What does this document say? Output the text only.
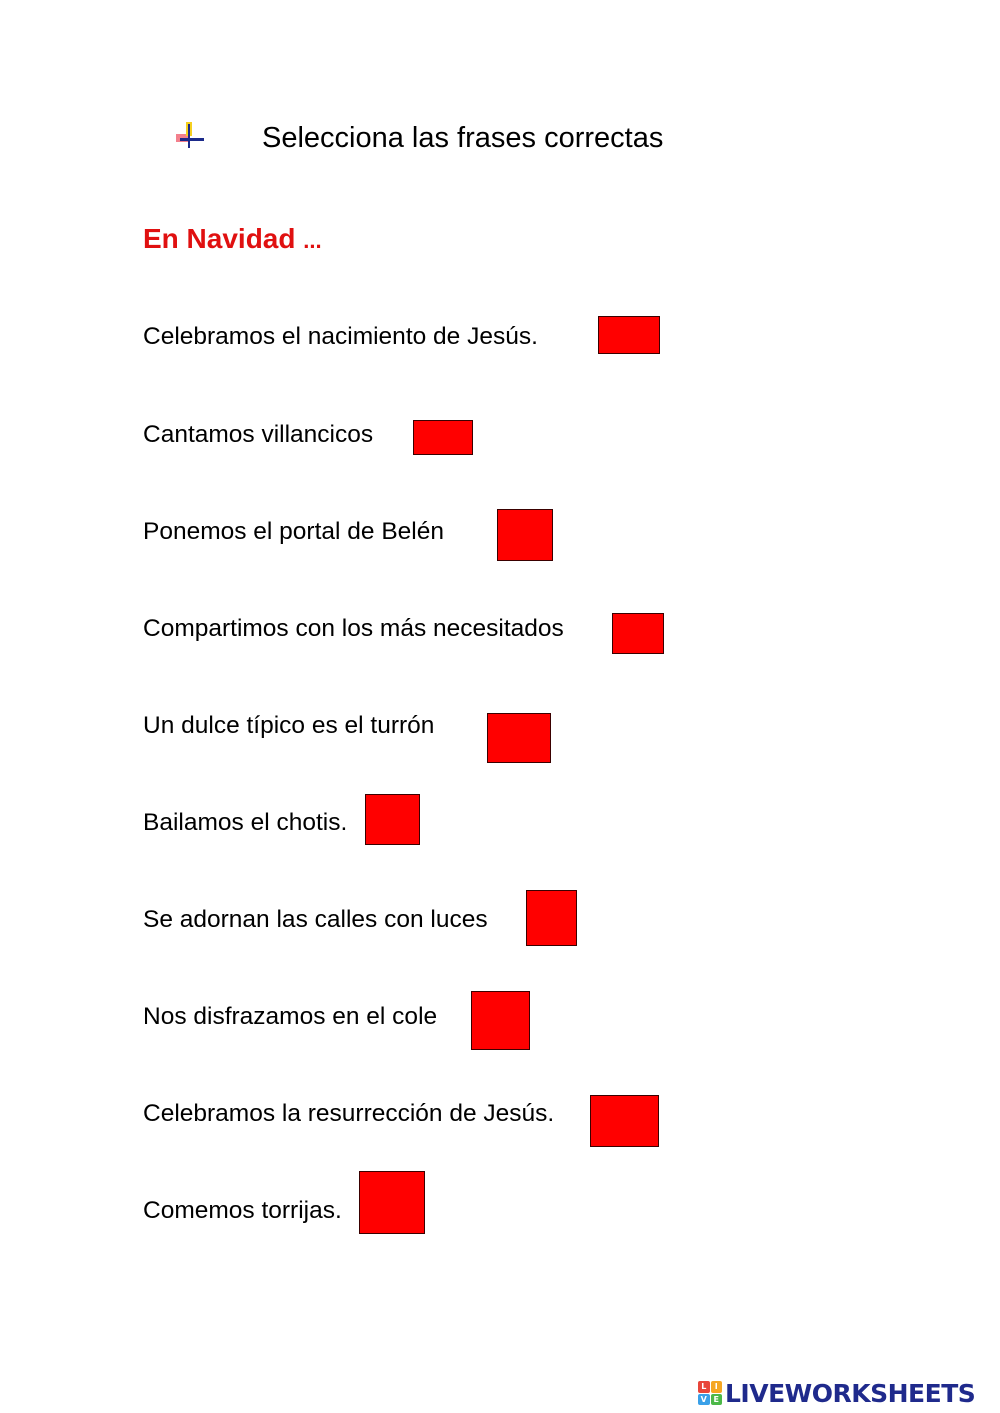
Selecciona las frases correctas
En Navidad ...
Celebramos el nacimiento de Jesús.
Cantamos villancicos
Ponemos el portal de Belén
Compartimos con los más necesitados
Un dulce típico es el turrón
Bailamos el chotis.
Se adornan las calles con luces
Nos disfrazamos en el cole
Celebramos la resurrección de Jesús.
Comemos torrijas.
L	I
V E LIVEWORKSHEETS
